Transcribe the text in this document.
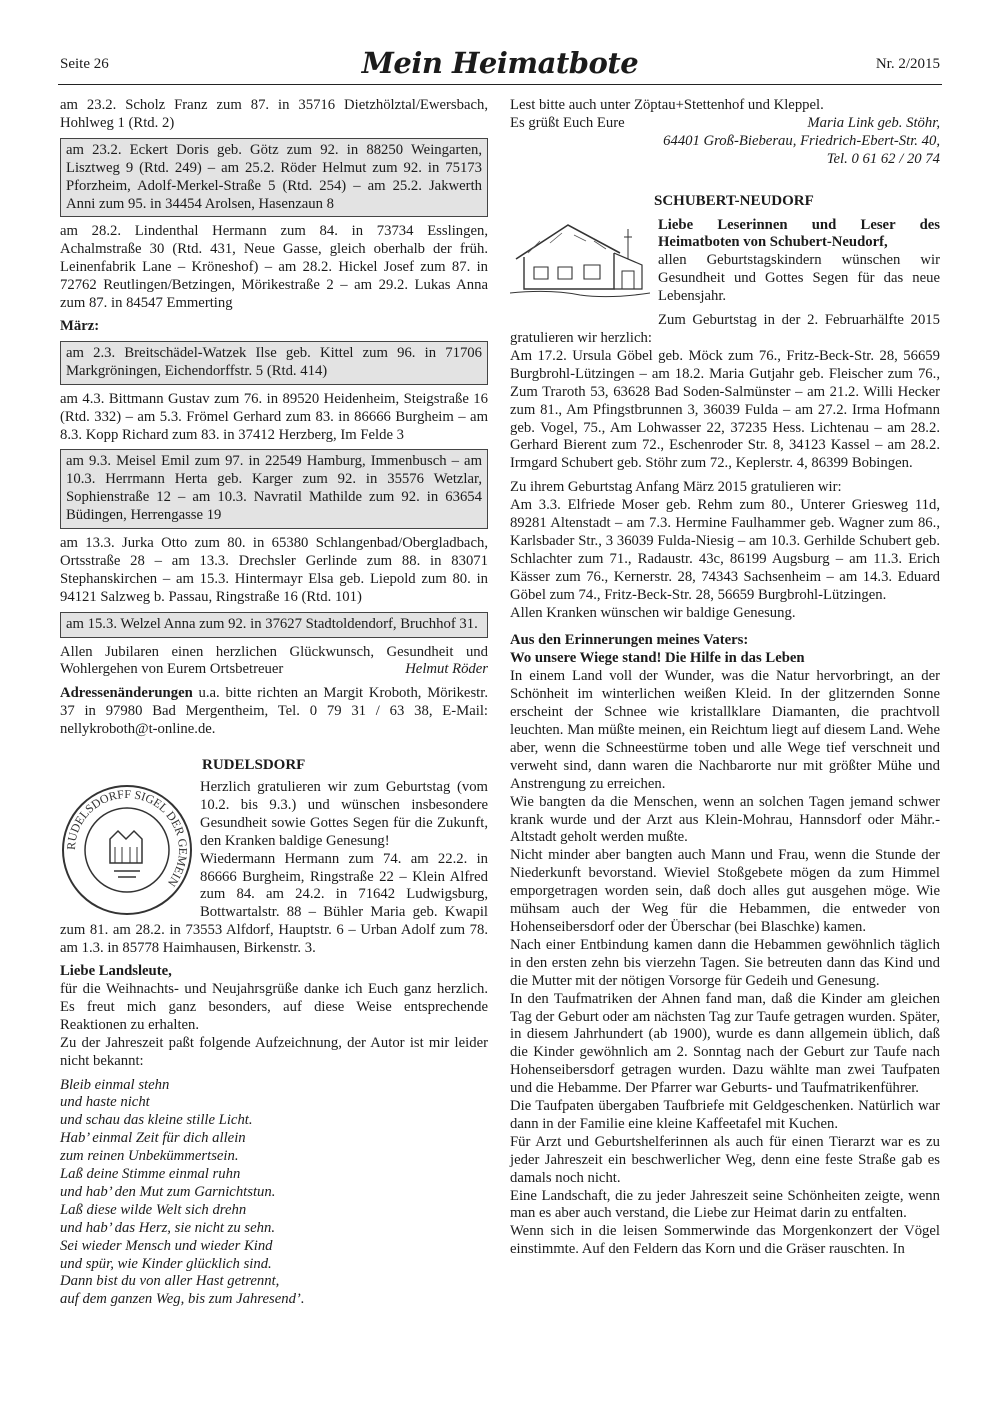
Seite 26	Mein Heimatbote	Nr. 2/2015

am 23.2. Scholz Franz zum 87. in 35716 Dietzhölztal/Ewersbach, Hohlweg 1 (Rtd. 2)

am 23.2. Eckert Doris geb. Götz zum 92. in 88250 Weingarten, Lisztweg 9 (Rtd. 249) – am 25.2. Röder Helmut zum 92. in 75173 Pforzheim, Adolf-Merkel-Straße 5 (Rtd. 254) – am 25.2. Jakwerth Anni zum 95. in 34454 Arolsen, Hasenzaun 8

am 28.2. Lindenthal Hermann zum 84. in 73734 Esslingen, Achalmstraße 30 (Rtd. 431, Neue Gasse, gleich oberhalb der früh. Leinenfabrik Lane – Kröneshof) – am 28.2. Hickel Josef zum 87. in 72762 Reutlingen/Betzingen, Mörikestraße 2 – am 29.2. Lukas Anna zum 87. in 84547 Emmerting

März:

am 2.3. Breitschädel-Watzek Ilse geb. Kittel zum 96. in 71706 Markgröningen, Eichendorffstr. 5 (Rtd. 414)

am 4.3. Bittmann Gustav zum 76. in 89520 Heidenheim, Steigstraße 16 (Rtd. 332) – am 5.3. Frömel Gerhard zum 83. in 86666 Burgheim – am 8.3. Kopp Richard zum 83. in 37412 Herzberg, Im Felde 3

am 9.3. Meisel Emil zum 97. in 22549 Hamburg, Immenbusch – am 10.3. Herrmann Herta geb. Karger zum 92. in 35576 Wetzlar, Sophienstraße 12 – am 10.3. Navratil Mathilde zum 92. in 63654 Büdingen, Herrengasse 19

am 13.3. Jurka Otto zum 80. in 65380 Schlangenbad/Obergladbach, Ortsstraße 28 – am 13.3. Drechsler Gerlinde zum 88. in 83071 Stephanskirchen – am 15.3. Hintermayr Elsa geb. Liepold zum 80. in 94121 Salzweg b. Passau, Ringstraße 16 (Rtd. 101)

am 15.3. Welzel Anna zum 92. in 37627 Stadtoldendorf, Bruchhof 31.

Allen Jubilaren einen herzlichen Glückwunsch, Gesundheit und Wohlergehen von Eurem Ortsbetreuer	Helmut Röder

Adressenänderungen u.a. bitte richten an Margit Kroboth, Mörikestr. 37 in 97980 Bad Mergentheim, Tel. 0 79 31 / 63 38, E-Mail: nellykroboth@t-online.de.

RUDELSDORF

RUDELSDORFF SIGEL DER GEMEIN

Herzlich gratulieren wir zum Geburtstag (vom 10.2. bis 9.3.) und wünschen insbesondere Gesundheit sowie Gottes Segen für die Zukunft, den Kranken baldige Genesung!

Wiedermann Hermann zum 74. am 22.2. in 86666 Burgheim, Ringstraße 22 – Klein Alfred zum 84. am 24.2. in 71642 Ludwigsburg, Bottwartalstr. 88 – Bühler Maria geb. Kwapil zum 81. am 28.2. in 73553 Alfdorf, Hauptstr. 6 – Urban Adolf zum 78. am 1.3. in 85778 Haimhausen, Birkenstr. 3.

Liebe Landsleute,

für die Weihnachts- und Neujahrsgrüße danke ich Euch ganz herzlich. Es freut mich ganz besonders, auf diese Weise entsprechende Reaktionen zu erhalten.

Zu der Jahreszeit paßt folgende Aufzeichnung, der Autor ist mir leider nicht bekannt:

Bleib einmal stehn
und haste nicht
und schau das kleine stille Licht.
Hab’ einmal Zeit für dich allein
zum reinen Unbekümmertsein.
Laß deine Stimme einmal ruhn
und hab’ den Mut zum Garnichtstun.
Laß diese wilde Welt sich drehn
und hab’ das Herz, sie nicht zu sehn.
Sei wieder Mensch und wieder Kind
und spür, wie Kinder glücklich sind.
Dann bist du von aller Hast getrennt,
auf dem ganzen Weg, bis zum Jahresend’.

Lest bitte auch unter Zöptau+Stettenhof und Kleppel.

Es grüßt Euch Eure	Maria Link geb. Stöhr,

64401 Groß-Bieberau, Friedrich-Ebert-Str. 40,

Tel. 0 61 62 / 20 74

SCHUBERT-NEUDORF

Liebe Leserinnen und Leser des Heimatboten von Schubert-Neudorf,

allen Geburtstagskindern wünschen wir Gesundheit und Gottes Segen für das neue Lebensjahr.

Zum Geburtstag in der 2. Februarhälfte 2015 gratulieren wir herzlich:

Am 17.2. Ursula Göbel geb. Möck zum 76., Fritz-Beck-Str. 28, 56659 Burgbrohl-Lützingen – am 18.2. Maria Gutjahr geb. Fleischer zum 76., Zum Traroth 53, 63628 Bad Soden-Salmünster – am 21.2. Willi Hecker zum 81., Am Pfingstbrunnen 3, 36039 Fulda – am 27.2. Irma Hofmann geb. Vogel, 75., Am Lohwasser 22, 37235 Hess. Lichtenau – am 28.2. Gerhard Bierent zum 72., Eschenroder Str. 8, 34123 Kassel – am 28.2. Irmgard Schubert geb. Stöhr zum 72., Keplerstr. 4, 86399 Bobingen.

Zu ihrem Geburtstag Anfang März 2015 gratulieren wir:

Am 3.3. Elfriede Moser geb. Rehm zum 80., Unterer Griesweg 11d, 89281 Altenstadt – am 7.3. Hermine Faulhammer geb. Wagner zum 86., Karlsbader Str., 3 36039 Fulda-Niesig – am 10.3. Gerhilde Schubert geb. Schlachter zum 71., Radaustr. 43c, 86199 Augsburg – am 11.3. Erich Kässer zum 76., Kernerstr. 28, 74343 Sachsenheim – am 14.3. Eduard Göbel zum 74., Fritz-Beck-Str. 28, 56659 Burgbrohl-Lützingen.

Allen Kranken wünschen wir baldige Genesung.

Aus den Erinnerungen meines Vaters:

Wo unsere Wiege stand! Die Hilfe in das Leben

In einem Land voll der Wunder, was die Natur hervorbringt, an der Schönheit im winterlichen weißen Kleid. In der glitzernden Sonne erscheint der Schnee wie kristallklare Diamanten, die prachtvoll leuchten. Man müßte meinen, ein Reichtum liegt auf diesem Land. Wehe aber, wenn die Schneestürme toben und alle Wege tief verschneit und verweht sind, dann waren die Nachbarorte nur mit größter Mühe und Anstrengung zu erreichen.

Wie bangten da die Menschen, wenn an solchen Tagen jemand schwer krank wurde und der Arzt aus Klein-Mohrau, Hannsdorf oder Mähr.-Altstadt geholt werden mußte.

Nicht minder aber bangten auch Mann und Frau, wenn die Stunde der Niederkunft bevorstand. Wieviel Stoßgebete mögen da zum Himmel emporgetragen worden sein, daß doch alles gut ausgehen möge. Wie mühsam auch der Weg für die Hebammen, die entweder von Hohenseibersdorf oder der Überschar (bei Blaschke) kamen.

Nach einer Entbindung kamen dann die Hebammen gewöhnlich täglich in den ersten zehn bis vierzehn Tagen. Sie betreuten dann das Kind und die Mutter mit der nötigen Vorsorge für Gedeih und Genesung.

In den Taufmatriken der Ahnen fand man, daß die Kinder am gleichen Tag der Geburt oder am nächsten Tag zur Taufe getragen wurden. Später, in diesem Jahrhundert (ab 1900), wurde es dann allgemein üblich, daß die Kinder gewöhnlich am 2. Sonntag nach der Geburt zur Taufe nach Hohenseibersdorf getragen wurden. Dazu wählte man zwei Taufpaten und die Hebamme. Der Pfarrer war Geburts- und Taufmatrikenführer.

Die Taufpaten übergaben Taufbriefe mit Geldgeschenken. Natürlich war dann in der Familie eine kleine Kaffeetafel mit Kuchen.

Für Arzt und Geburtshelferinnen als auch für einen Tierarzt war es zu jeder Jahreszeit ein beschwerlicher Weg, denn eine feste Straße gab es damals noch nicht.

Eine Landschaft, die zu jeder Jahreszeit seine Schönheiten zeigte, wenn man es aber auch verstand, die Liebe zur Heimat darin zu entfalten.

Wenn sich in die leisen Sommerwinde das Morgenkonzert der Vögel einstimmte. Auf den Feldern das Korn und die Gräser rauschten. In
